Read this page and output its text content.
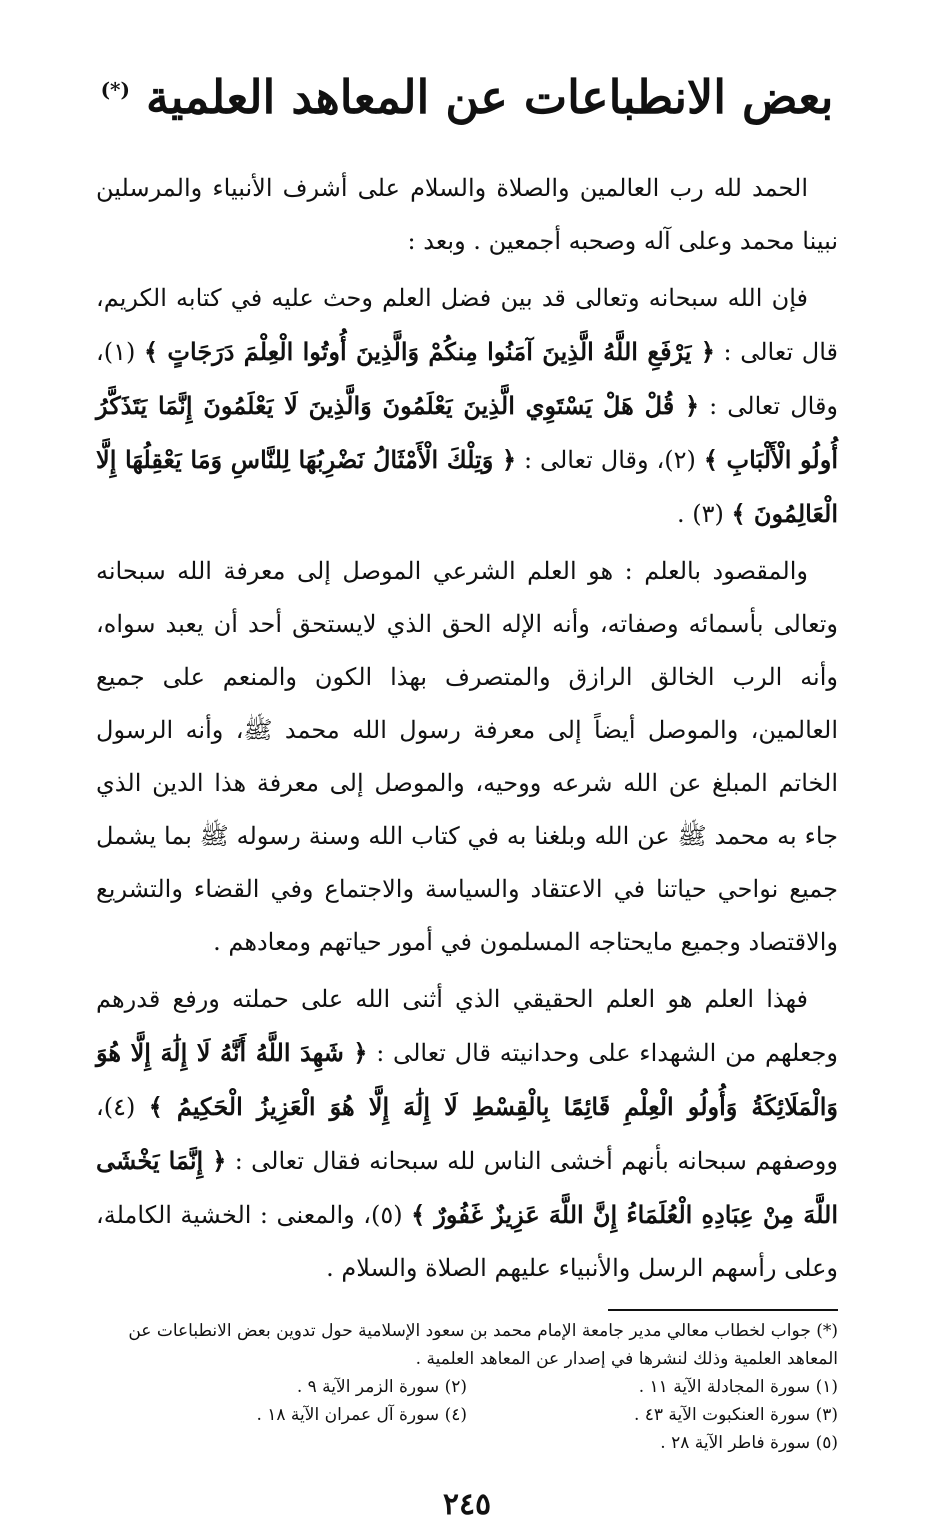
بعض الانطباعات عن المعاهد العلمية (*)

الحمد لله رب العالمين والصلاة والسلام على أشرف الأنبياء والمرسلين نبينا محمد وعلى آله وصحبه أجمعين . وبعد :

فإن الله سبحانه وتعالى قد بين فضل العلم وحث عليه في كتابه الكريم، قال تعالى : ﴿ يَرْفَعِ اللَّهُ الَّذِينَ آمَنُوا مِنكُمْ وَالَّذِينَ أُوتُوا الْعِلْمَ دَرَجَاتٍ ﴾ (١)، وقال تعالى : ﴿ قُلْ هَلْ يَسْتَوِي الَّذِينَ يَعْلَمُونَ وَالَّذِينَ لَا يَعْلَمُونَ إِنَّمَا يَتَذَكَّرُ أُولُو الْأَلْبَابِ ﴾ (٢)، وقال تعالى : ﴿ وَتِلْكَ الْأَمْثَالُ نَضْرِبُهَا لِلنَّاسِ وَمَا يَعْقِلُهَا إِلَّا الْعَالِمُونَ ﴾ (٣) .

والمقصود بالعلم : هو العلم الشرعي الموصل إلى معرفة الله سبحانه وتعالى بأسمائه وصفاته، وأنه الإله الحق الذي لايستحق أحد أن يعبد سواه، وأنه الرب الخالق الرازق والمتصرف بهذا الكون والمنعم على جميع العالمين، والموصل أيضاً إلى معرفة رسول الله محمد ﷺ، وأنه الرسول الخاتم المبلغ عن الله شرعه ووحيه، والموصل إلى معرفة هذا الدين الذي جاء به محمد ﷺ عن الله وبلغنا به في كتاب الله وسنة رسوله ﷺ بما يشمل جميع نواحي حياتنا في الاعتقاد والسياسة والاجتماع وفي القضاء والتشريع والاقتصاد وجميع مايحتاجه المسلمون في أمور حياتهم ومعادهم .

فهذا العلم هو العلم الحقيقي الذي أثنى الله على حملته ورفع قدرهم وجعلهم من الشهداء على وحدانيته قال تعالى : ﴿ شَهِدَ اللَّهُ أَنَّهُ لَا إِلَٰهَ إِلَّا هُوَ وَالْمَلَائِكَةُ وَأُولُو الْعِلْمِ قَائِمًا بِالْقِسْطِ لَا إِلَٰهَ إِلَّا هُوَ الْعَزِيزُ الْحَكِيمُ ﴾ (٤)، ووصفهم سبحانه بأنهم أخشى الناس لله سبحانه فقال تعالى : ﴿ إِنَّمَا يَخْشَى اللَّهَ مِنْ عِبَادِهِ الْعُلَمَاءُ إِنَّ اللَّهَ عَزِيزٌ غَفُورٌ ﴾ (٥)، والمعنى : الخشية الكاملة، وعلى رأسهم الرسل والأنبياء عليهم الصلاة والسلام .

(*) جواب لخطاب معالي مدير جامعة الإمام محمد بن سعود الإسلامية حول تدوين بعض الانطباعات عن المعاهد العلمية وذلك لنشرها في إصدار عن المعاهد العلمية .

(١) سورة المجادلة الآية ١١ .
(٢) سورة الزمر الآية ٩ .
(٣) سورة العنكبوت الآية ٤٣ .
(٤) سورة آل عمران الآية ١٨ .
(٥) سورة فاطر الآية ٢٨ .
٢٤٥
